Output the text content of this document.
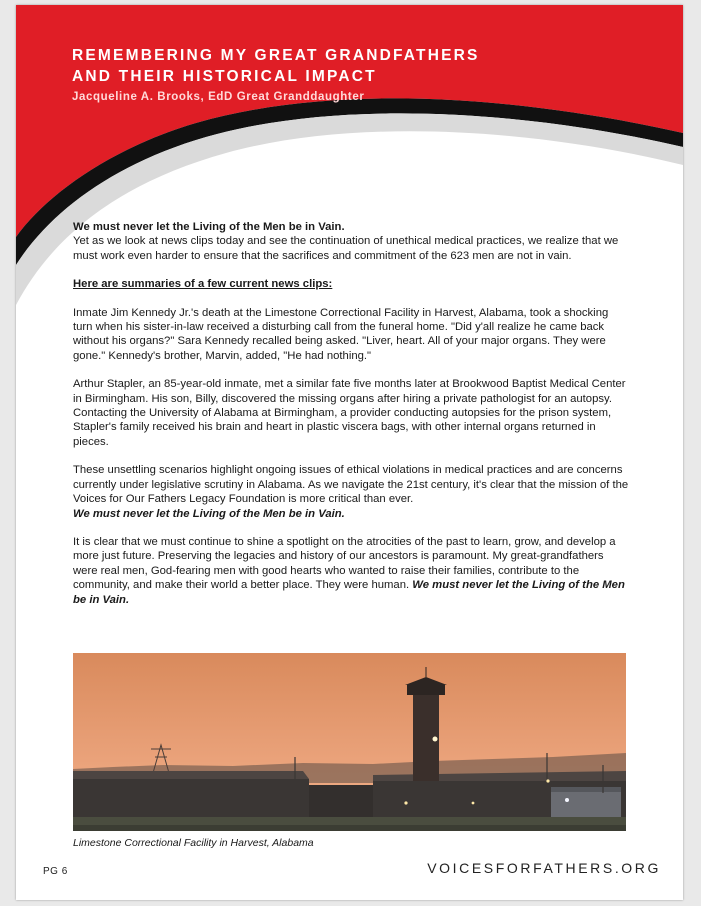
REMEMBERING MY GREAT GRANDFATHERS
AND THEIR HISTORICAL IMPACT
Jacqueline A. Brooks, EdD Great Granddaughter

We must never let the Living of the Men be in Vain.
Yet as we look at news clips today and see the continuation of unethical medical practices, we realize that we must work even harder to ensure that the sacrifices and commitment of the 623 men are not in vain.

Here are summaries of a few current news clips:

Inmate Jim Kennedy Jr.'s death at the Limestone Correctional Facility in Harvest, Alabama, took a shocking turn when his sister-in-law received a disturbing call from the funeral home. "Did y'all realize he came back without his organs?" Sara Kennedy recalled being asked. "Liver, heart. All of your major organs. They were gone." Kennedy's brother, Marvin, added, "He had nothing."

Arthur Stapler, an 85-year-old inmate, met a similar fate five months later at Brookwood Baptist Medical Center in Birmingham. His son, Billy, discovered the missing organs after hiring a private pathologist for an autopsy. Contacting the University of Alabama at Birmingham, a provider conducting autopsies for the prison system, Stapler's family received his brain and heart in plastic viscera bags, with other internal organs returned in pieces.

These unsettling scenarios highlight ongoing issues of ethical violations in medical practices and are concerns currently under legislative scrutiny in Alabama. As we navigate the 21st century, it's clear that the mission of the Voices for Our Fathers Legacy Foundation is more critical than ever.
We must never let the Living of the Men be in Vain.

It is clear that we must continue to shine a spotlight on the atrocities of the past to learn, grow, and develop a more just future. Preserving the legacies and history of our ancestors is paramount. My great-grandfathers were real men, God-fearing men with good hearts who wanted to raise their families, contribute to the community, and make their world a better place. They were human. We must never let the Living of the Men be in Vain.

Limestone Correctional Facility in Harvest, Alabama
PG 6	VOICESFORFATHERS.ORG
